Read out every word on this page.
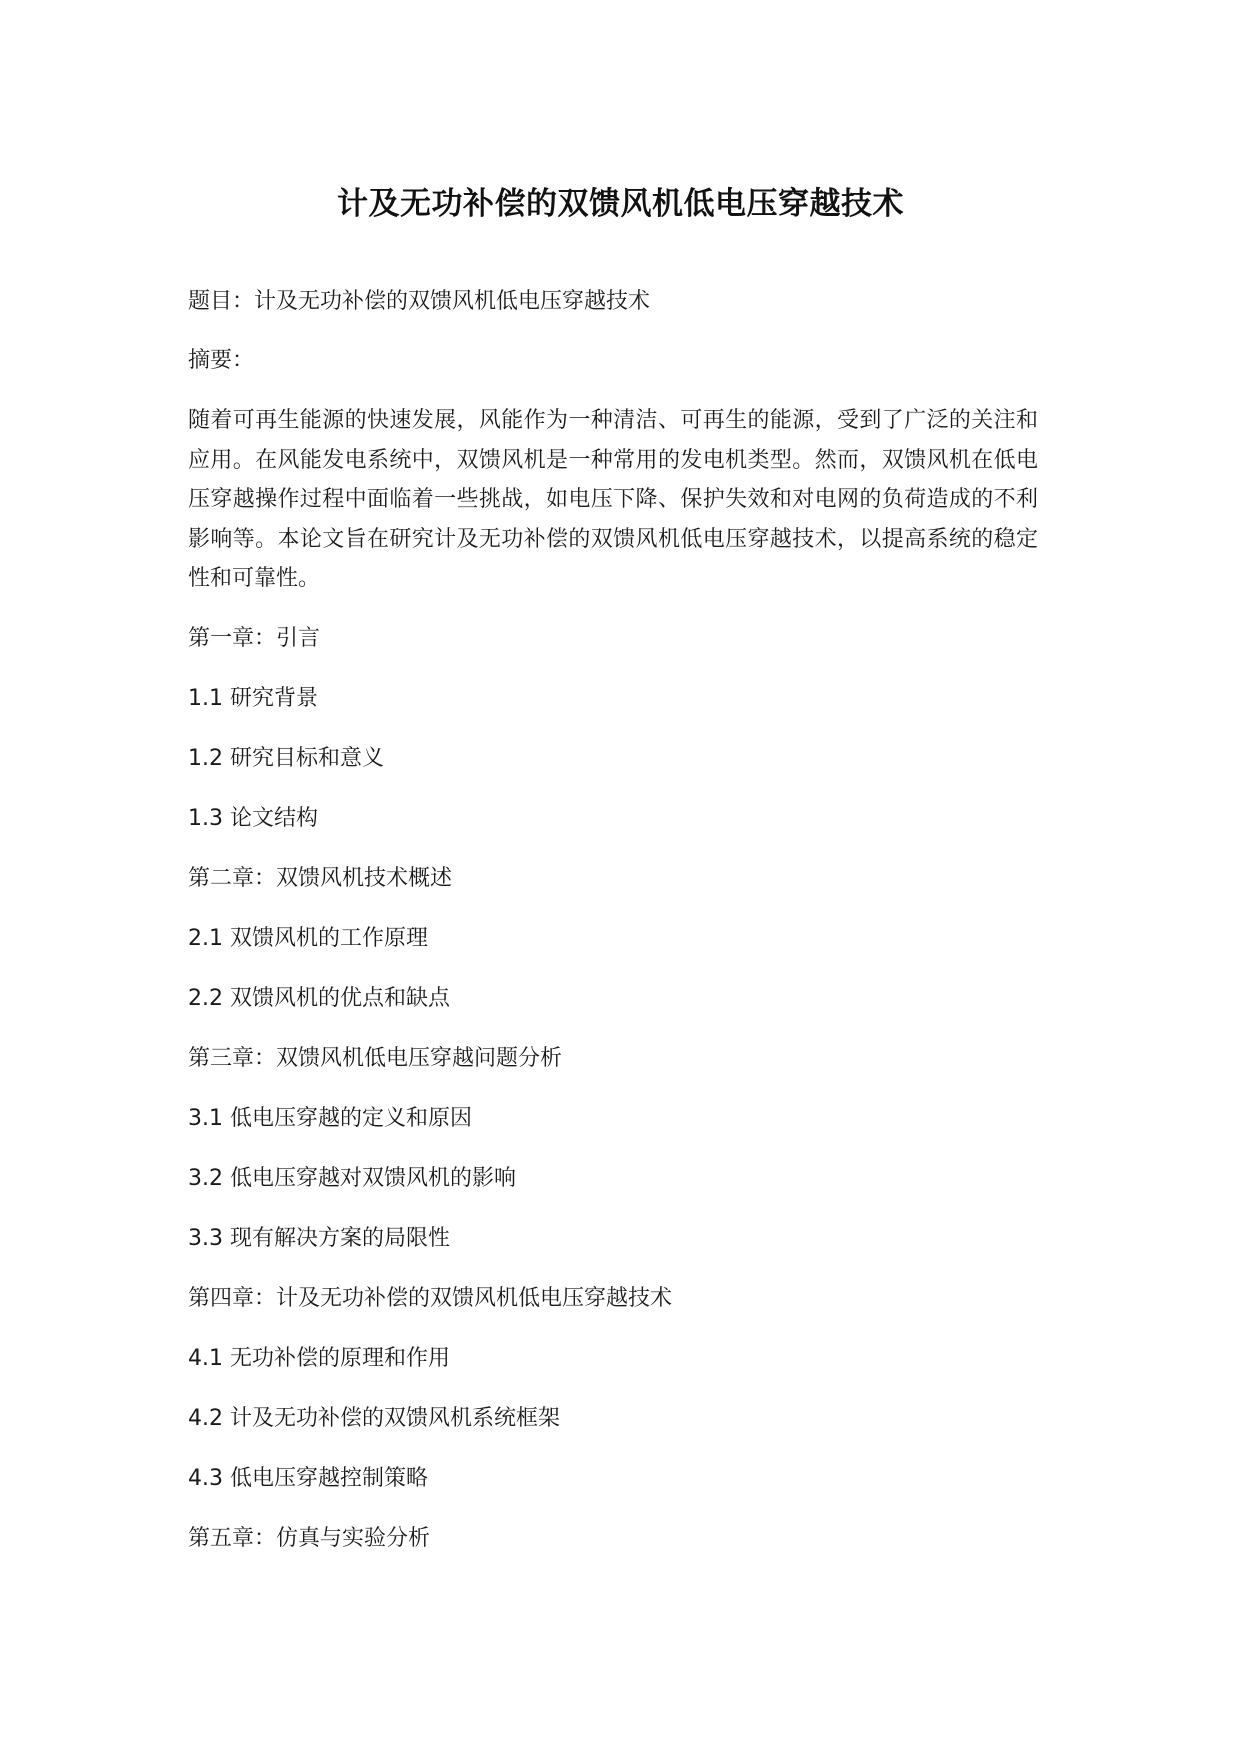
计及无功补偿的双馈风机低电压穿越技术
题目：计及无功补偿的双馈风机低电压穿越技术
摘要：
随着可再生能源的快速发展，风能作为一种清洁、可再生的能源，受到了广泛的关注和应用。在风能发电系统中，双馈风机是一种常用的发电机类型。然而，双馈风机在低电压穿越操作过程中面临着一些挑战，如电压下降、保护失效和对电网的负荷造成的不利影响等。本论文旨在研究计及无功补偿的双馈风机低电压穿越技术，以提高系统的稳定性和可靠性。
第一章：引言
1.1 研究背景
1.2 研究目标和意义
1.3 论文结构
第二章：双馈风机技术概述
2.1 双馈风机的工作原理
2.2 双馈风机的优点和缺点
第三章：双馈风机低电压穿越问题分析
3.1 低电压穿越的定义和原因
3.2 低电压穿越对双馈风机的影响
3.3 现有解决方案的局限性
第四章：计及无功补偿的双馈风机低电压穿越技术
4.1 无功补偿的原理和作用
4.2 计及无功补偿的双馈风机系统框架
4.3 低电压穿越控制策略
第五章：仿真与实验分析
